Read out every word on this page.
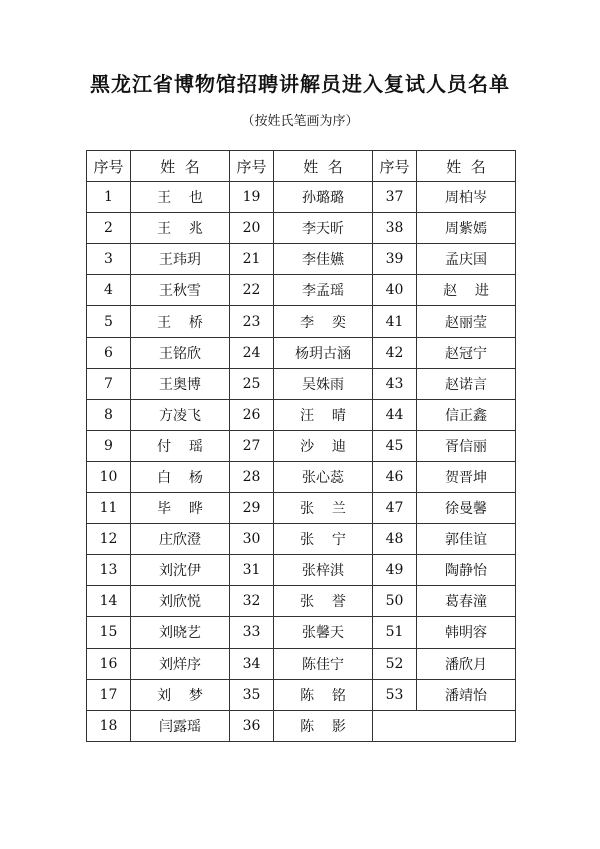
黑龙江省博物馆招聘讲解员进入复试人员名单
（按姓氏笔画为序）
序号	姓  名	序号	姓  名	序号	姓  名
1	王    也	19	孙璐璐	37	周柏岑
2	王    兆	20	李天昕	38	周紫嫣
3	王玮玥	21	李佳嬿	39	孟庆国
4	王秋雪	22	李孟瑶	40	赵    进
5	王    桥	23	李    奕	41	赵丽莹
6	王铭欣	24	杨玥古涵	42	赵冠宁
7	王奥博	25	吴姝雨	43	赵诺言
8	方凌飞	26	汪    晴	44	信正鑫
9	付    瑶	27	沙    迪	45	胥信丽
10	白    杨	28	张心蕊	46	贺晋坤
11	毕    晔	29	张    兰	47	徐曼馨
12	庄欣澄	30	张    宁	48	郭佳谊
13	刘沈伊	31	张梓淇	49	陶静怡
14	刘欣悦	32	张    誉	50	葛春潼
15	刘晓艺	33	张馨天	51	韩明容
16	刘烊序	34	陈佳宁	52	潘欣月
17	刘    梦	35	陈    铭	53	潘靖怡
18	闫露瑶	36	陈    影		
